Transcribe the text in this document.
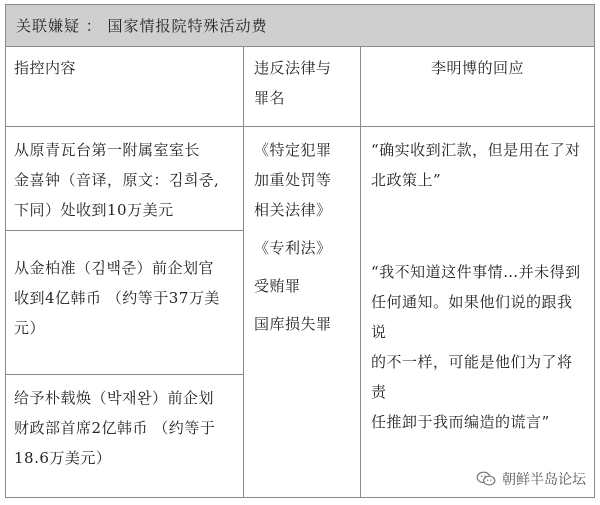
关联嫌疑 ： 国家情报院特殊活动费
指控内容	违反法律与
罪名
李明博的回应
从原青瓦台第一附属室室长
金喜钟（音译，原文：김희중,
下同）处收到10万美元
从金柏准（김백준）前企划官
收到4亿韩币 （约等于37万美
元）
给予朴载焕（박재완）前企划
财政部首席2亿韩币 （约等于
18.6万美元）
《特定犯罪
加重处罚等
相关法律》
《专利法》
受贿罪
国库损失罪
“确实收到汇款，但是用在了对
北政策上”
“我不知道这件事情…并未得到
任何通知。如果他们说的跟我说
的不一样，可能是他们为了将责
任推卸于我而编造的谎言”
朝鲜半岛论坛
